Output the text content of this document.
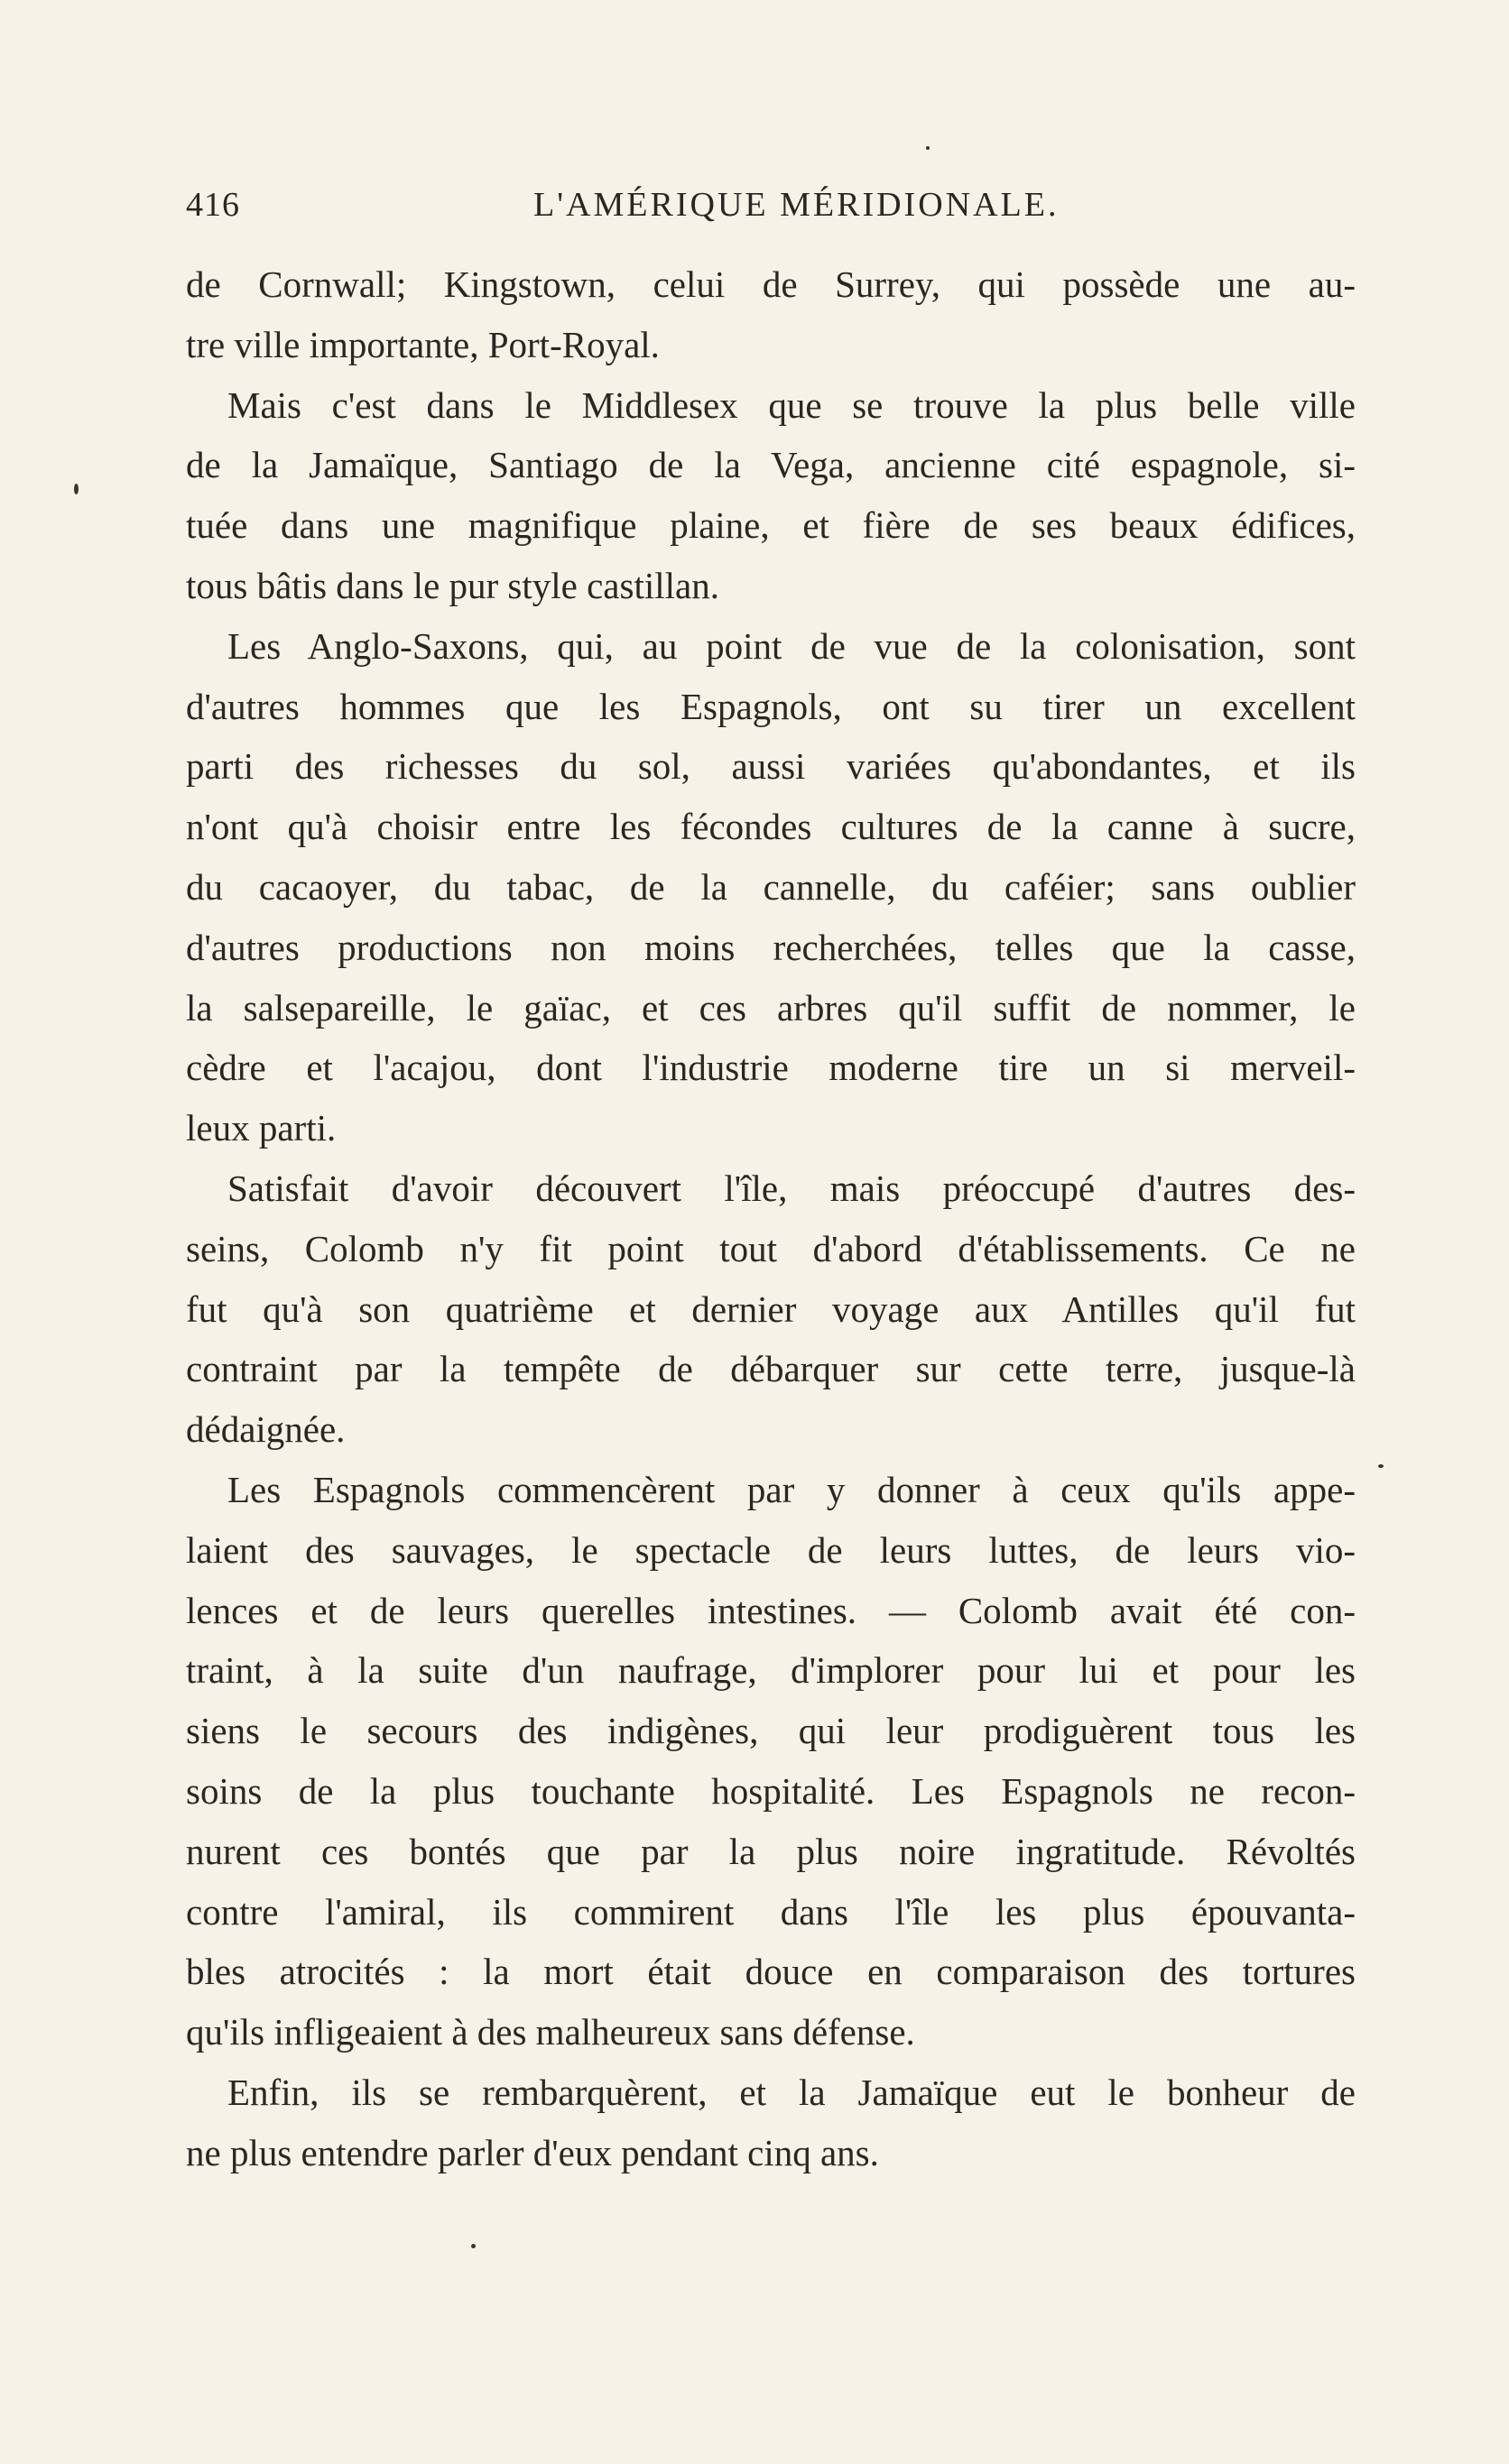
416	L'AMÉRIQUE MÉRIDIONALE.
de Cornwall; Kingstown, celui de Surrey, qui possède une au-
tre ville importante, Port-Royal.
Mais c'est dans le Middlesex que se trouve la plus belle ville
de la Jamaïque, Santiago de la Vega, ancienne cité espagnole, si-
tuée dans une magnifique plaine, et fière de ses beaux édifices,
tous bâtis dans le pur style castillan.
Les Anglo-Saxons, qui, au point de vue de la colonisation, sont
d'autres hommes que les Espagnols, ont su tirer un excellent
parti des richesses du sol, aussi variées qu'abondantes, et ils
n'ont qu'à choisir entre les fécondes cultures de la canne à sucre,
du cacaoyer, du tabac, de la cannelle, du caféier; sans oublier
d'autres productions non moins recherchées, telles que la casse,
la salsepareille, le gaïac, et ces arbres qu'il suffit de nommer, le
cèdre et l'acajou, dont l'industrie moderne tire un si merveil-
leux parti.
Satisfait d'avoir découvert l'île, mais préoccupé d'autres des-
seins, Colomb n'y fit point tout d'abord d'établissements. Ce ne
fut qu'à son quatrième et dernier voyage aux Antilles qu'il fut
contraint par la tempête de débarquer sur cette terre, jusque-là
dédaignée.
Les Espagnols commencèrent par y donner à ceux qu'ils appe-
laient des sauvages, le spectacle de leurs luttes, de leurs vio-
lences et de leurs querelles intestines. — Colomb avait été con-
traint, à la suite d'un naufrage, d'implorer pour lui et pour les
siens le secours des indigènes, qui leur prodiguèrent tous les
soins de la plus touchante hospitalité. Les Espagnols ne recon-
nurent ces bontés que par la plus noire ingratitude. Révoltés
contre l'amiral, ils commirent dans l'île les plus épouvanta-
bles atrocités : la mort était douce en comparaison des tortures
qu'ils infligeaient à des malheureux sans défense.
Enfin, ils se rembarquèrent, et la Jamaïque eut le bonheur de
ne plus entendre parler d'eux pendant cinq ans.
